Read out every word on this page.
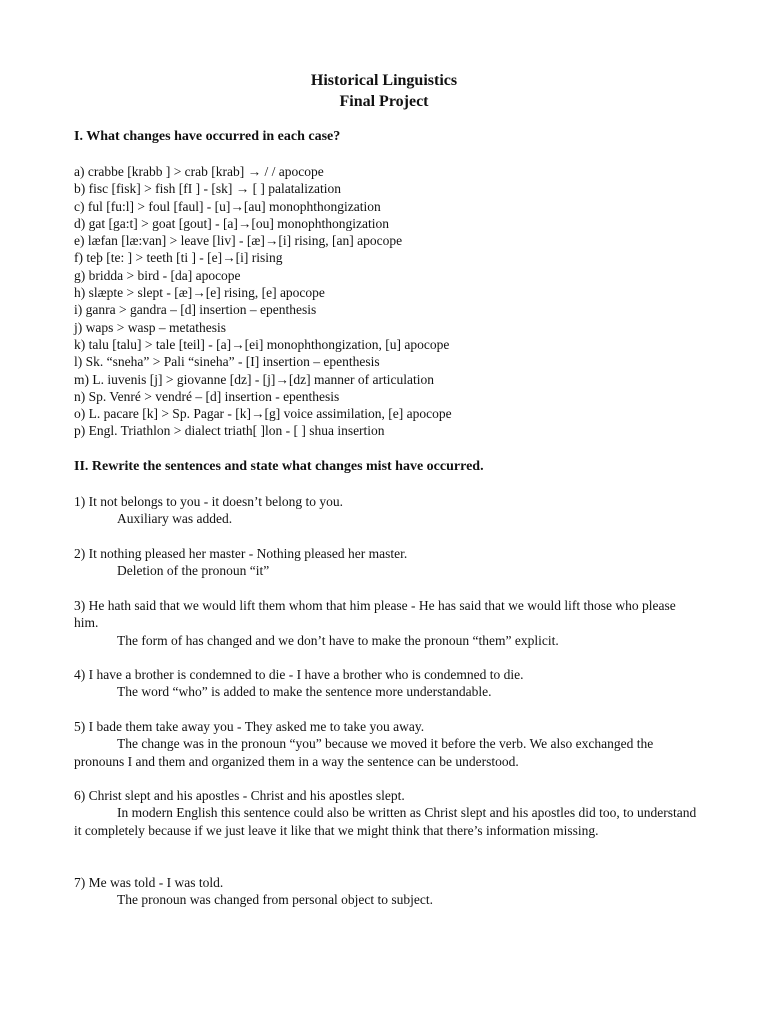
Historical Linguistics
Final Project
I. What changes have occurred in each case?
a) crabbe [krabb ] > crab [krab] → / / apocope
b) fisc [fisk] > fish [fI ] - [sk] → [ ] palatalization
c) ful [fu:l] > foul [faul] - [u]→[au] monophthongization
d) gat [ga:t] > goat [gout] - [a]→[ou] monophthongization
e) læfan [læ:van] > leave [liv] - [æ]→[i] rising, [an] apocope
f) teþ [te: ] > teeth [ti ] - [e]→[i] rising
g) bridda > bird - [da] apocope
h) slæpte > slept - [æ]→[e] rising, [e] apocope
i) ganra > gandra – [d] insertion – epenthesis
j) waps > wasp – metathesis
k) talu [talu] > tale [teil] - [a]→[ei] monophthongization, [u] apocope
l) Sk. “sneha” > Pali “sineha” - [I] insertion – epenthesis
m) L. iuvenis [j] > giovanne [dz] - [j]→[dz] manner of articulation
n) Sp. Venré > vendré – [d] insertion - epenthesis
o) L. pacare [k] > Sp. Pagar - [k]→[g] voice assimilation, [e] apocope
p) Engl. Triathlon > dialect triath[ ]lon - [ ] shua insertion
II. Rewrite the sentences and state what changes mist have occurred.

1) It not belongs to you - it doesn’t belong to you.

Auxiliary was added.

2) It nothing pleased her master - Nothing pleased her master.

Deletion of the pronoun “it”

3) He hath said that we would lift them whom that him please - He has said that we would lift those who please him.

The form of has changed and we don’t have to make the pronoun “them” explicit.

4) I have a brother is condemned to die - I have a brother who is condemned to die.

The word “who” is added to make the sentence more understandable.

5) I bade them take away you - They asked me to take you away.

The change was in the pronoun “you” because we moved it before the verb. We also exchanged the pronouns I and them and organized them in a way the sentence can be understood.

6) Christ slept and his apostles - Christ and his apostles slept.

In modern English this sentence could also be written as Christ slept and his apostles did too, to understand it completely because if we just leave it like that we might think that there’s information missing.

7) Me was told - I was told.

The pronoun was changed from personal object to subject.
